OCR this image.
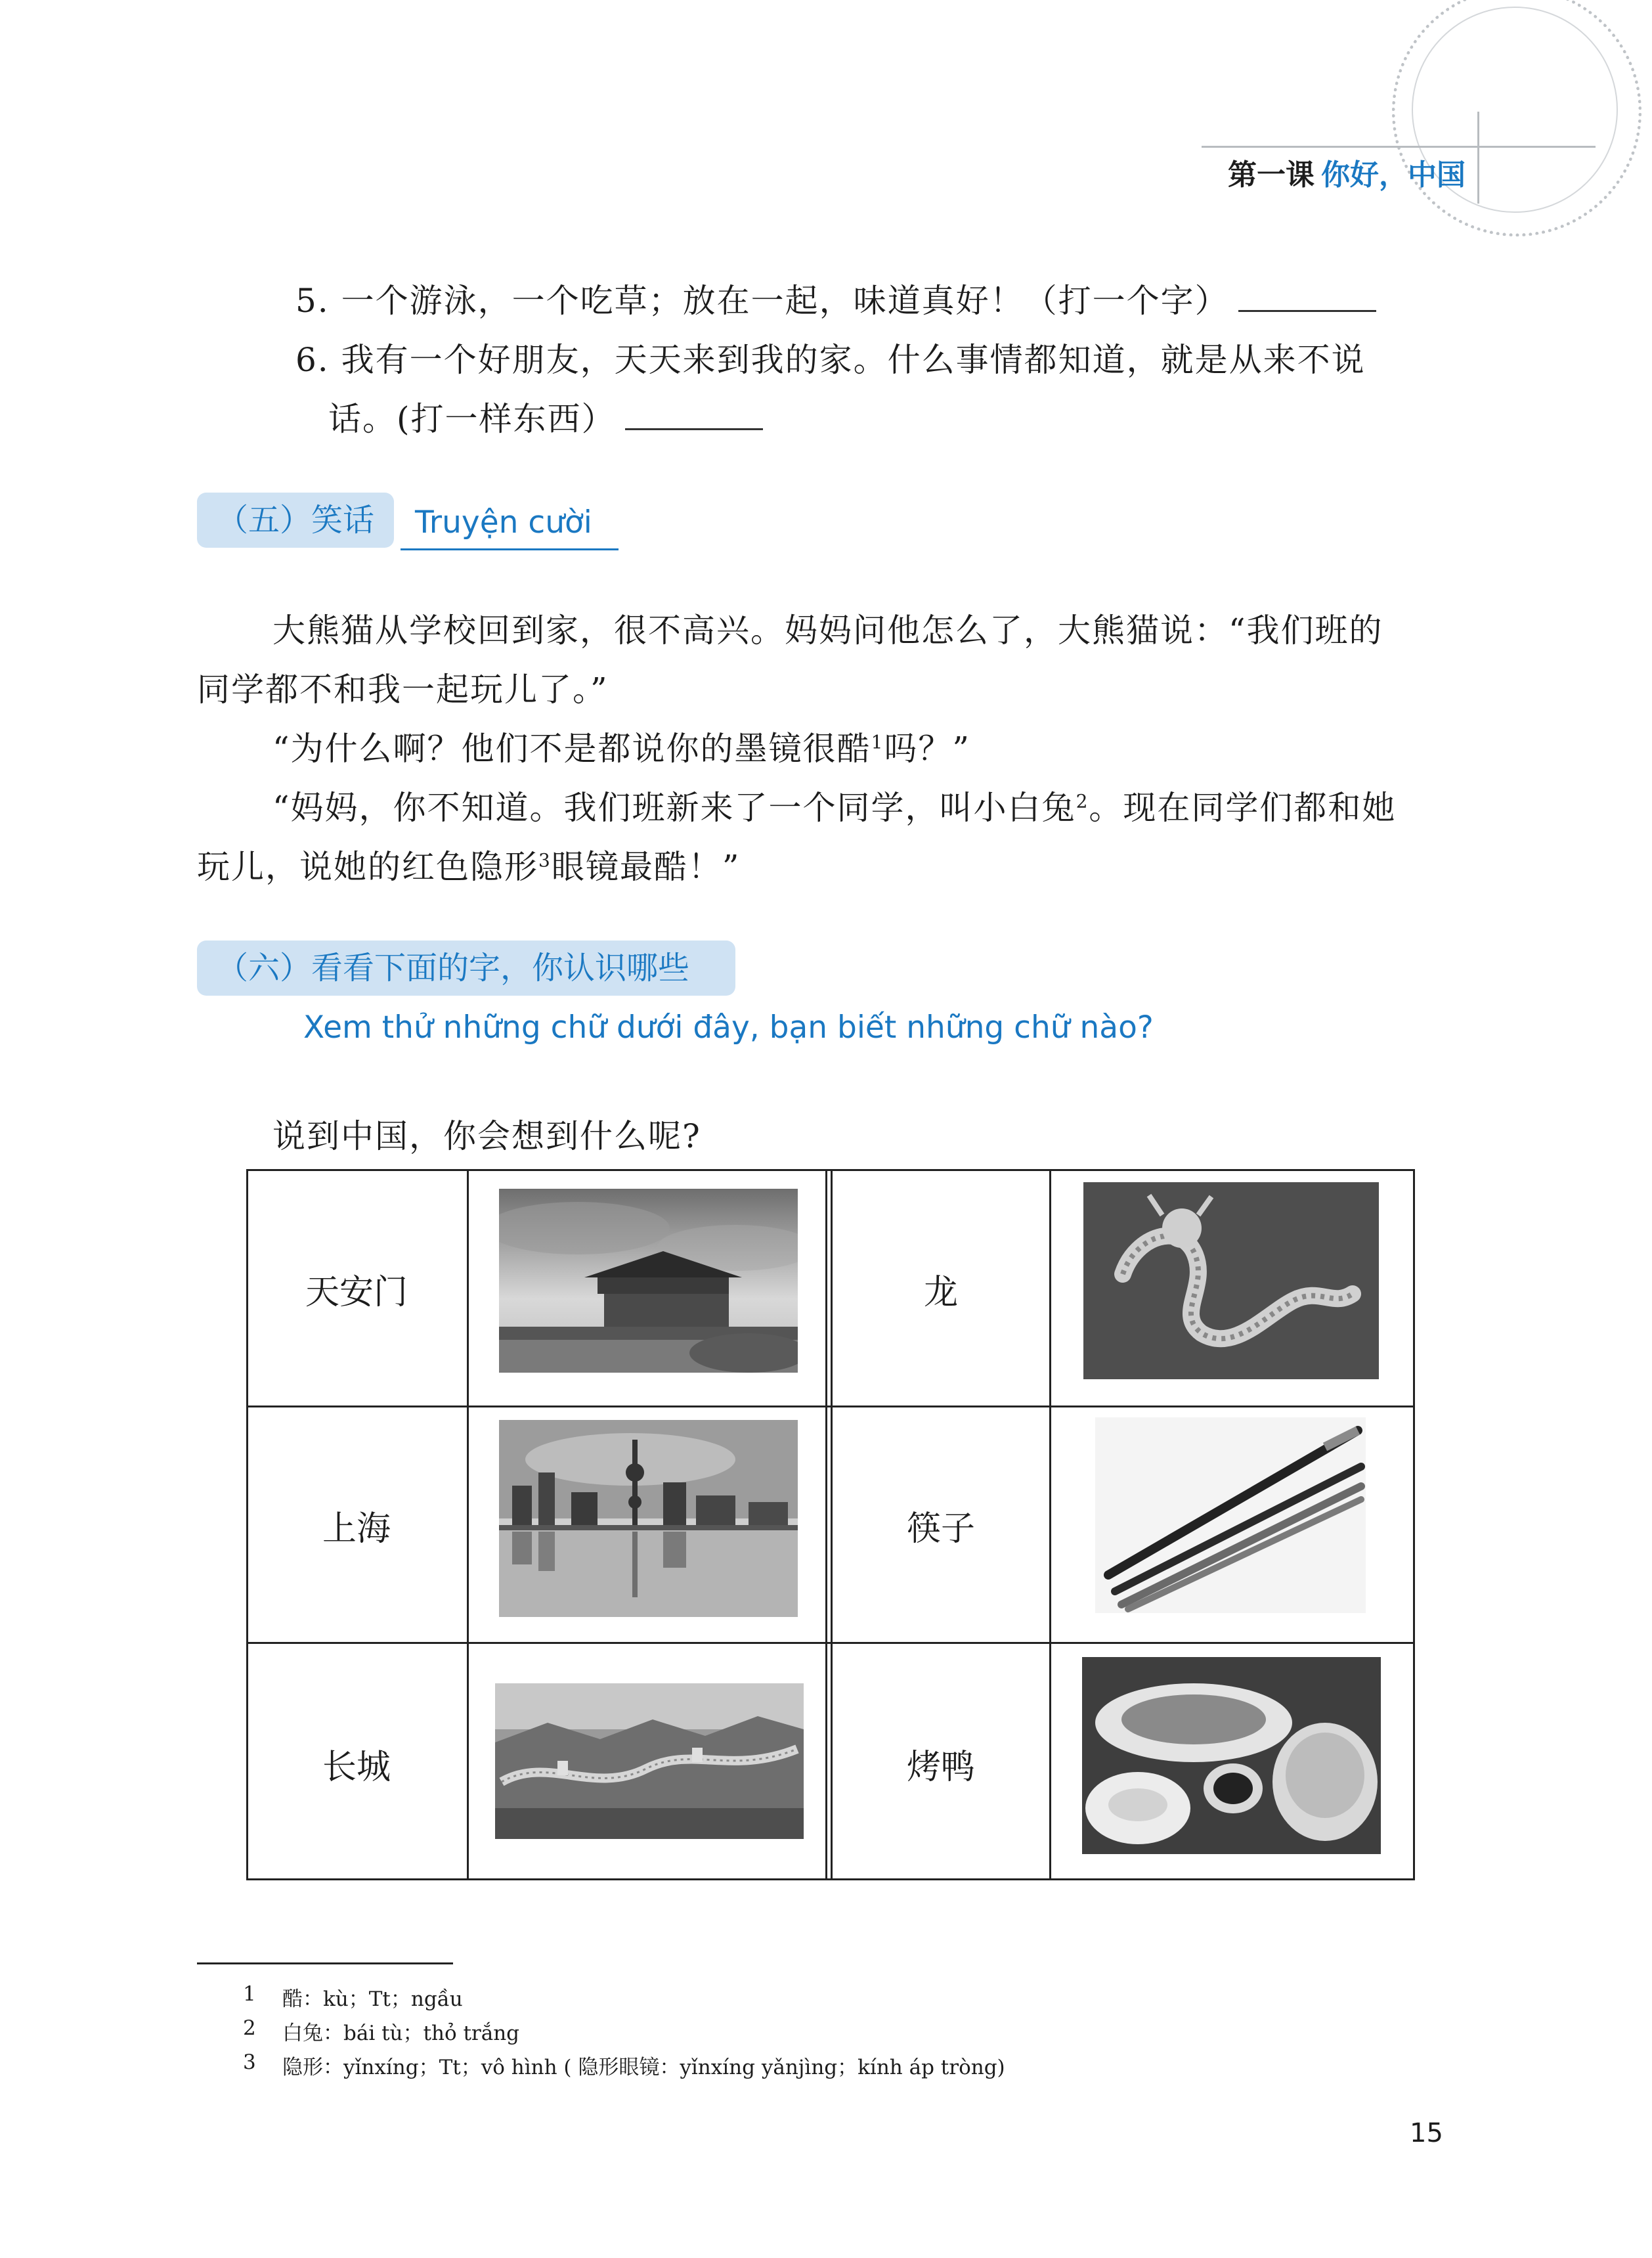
第一课 你好，中国
5. 一个游泳，一个吃草；放在一起，味道真好！（打一个字）
6. 我有一个好朋友，天天来到我的家。什么事情都知道，就是从来不说
话。(打一样东西）
（五）笑话	Truyện cười
大熊猫从学校回到家，很不高兴。妈妈问他怎么了，大熊猫说：“我们班的
同学都不和我一起玩儿了。”
“为什么啊？他们不是都说你的墨镜很酷$^1$吗？”
“妈妈，你不知道。我们班新来了一个同学，叫小白兔$^2$。现在同学们都和她
玩儿，说她的红色隐形$^3$眼镜最酷！”
（六）看看下面的字，你认识哪些
Xem thử những chữ dưới đây, bạn biết những chữ nào?
说到中国，你会想到什么呢?
天安门	龙
上海	筷子
长城	烤鸭
1 酷：kù；Tt；ngầu
2 白兔：bái tù；thỏ trắng
3 隐形：yǐnxíng；Tt；vô hình ( 隐形眼镜：yǐnxíng yǎnjìng；kính áp tròng)
15
